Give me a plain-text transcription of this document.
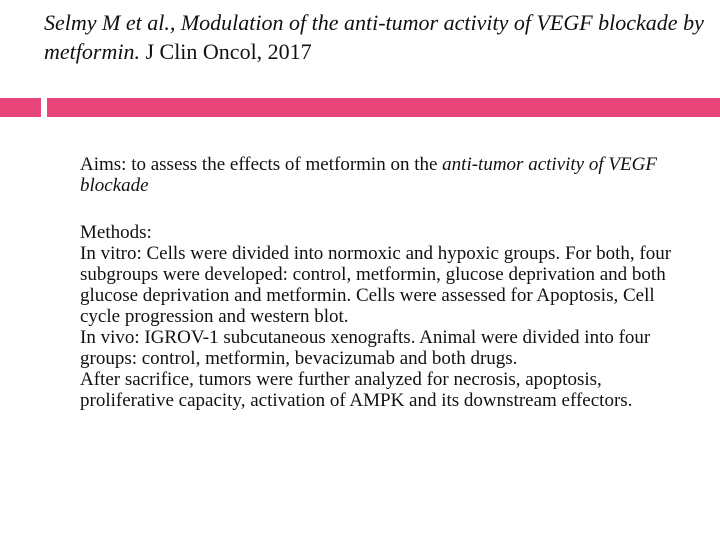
Selmy M et al., Modulation of the anti-tumor activity of VEGF blockade by metformin. J Clin Oncol, 2017

Aims: to assess the effects of metformin on the anti-tumor activity of VEGF blockade

Methods:

In vitro: Cells were divided into normoxic and hypoxic groups. For both, four subgroups were developed: control, metformin, glucose deprivation and both glucose deprivation and metformin. Cells were assessed for Apoptosis, Cell cycle progression and western blot.

In vivo: IGROV-1 subcutaneous xenografts. Animal were divided into four groups: control, metformin, bevacizumab and both drugs.

After sacrifice, tumors were further analyzed for necrosis, apoptosis, proliferative capacity, activation of AMPK and its downstream effectors.
